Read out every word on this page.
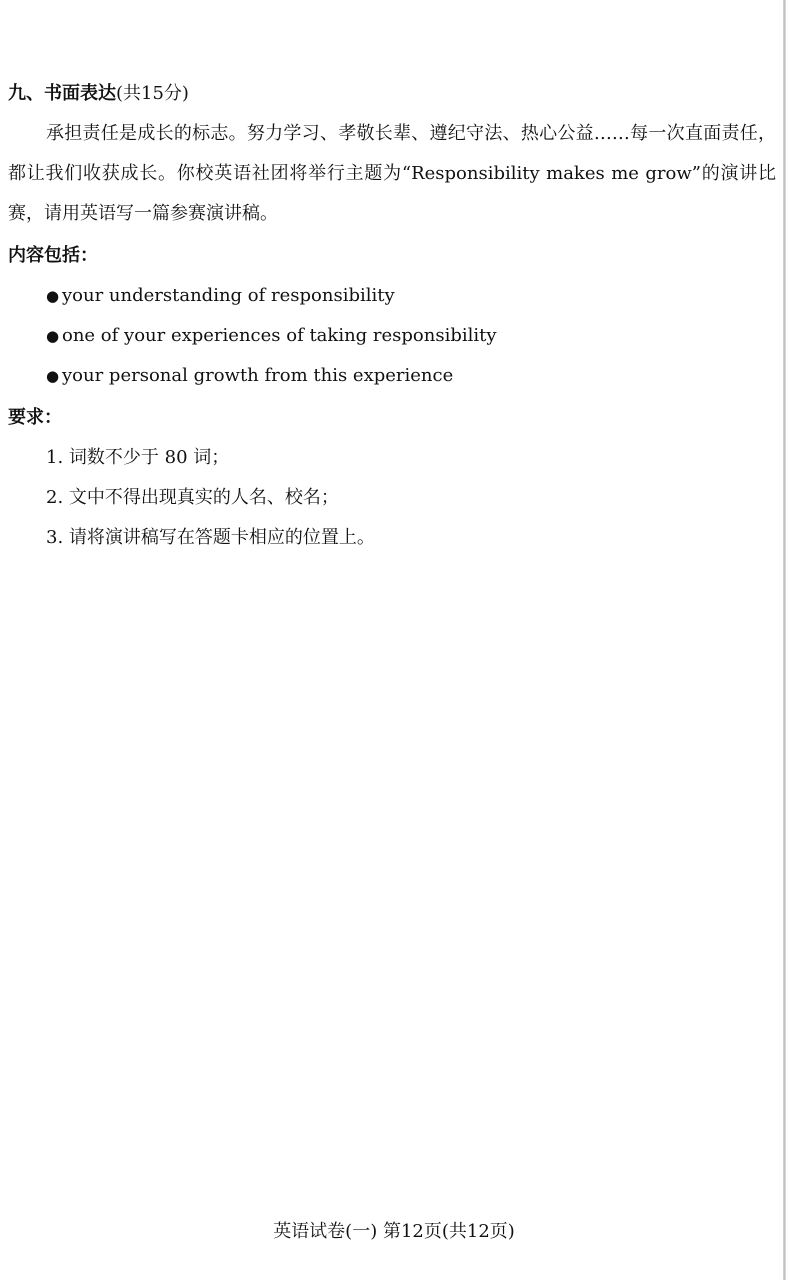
九、书面表达(共15分)

承担责任是成长的标志。努力学习、孝敬长辈、遵纪守法、热心公益……每一次直面责任，都让我们收获成长。你校英语社团将举行主题为“Responsibility makes me grow”的演讲比赛，请用英语写一篇参赛演讲稿。

内容包括：

● your understanding of responsibility
● one of your experiences of taking responsibility
● your personal growth from this experience

要求：

1. 词数不少于 80 词；
2. 文中不得出现真实的人名、校名；
3. 请将演讲稿写在答题卡相应的位置上。
英语试卷(一) 第12页(共12页)
